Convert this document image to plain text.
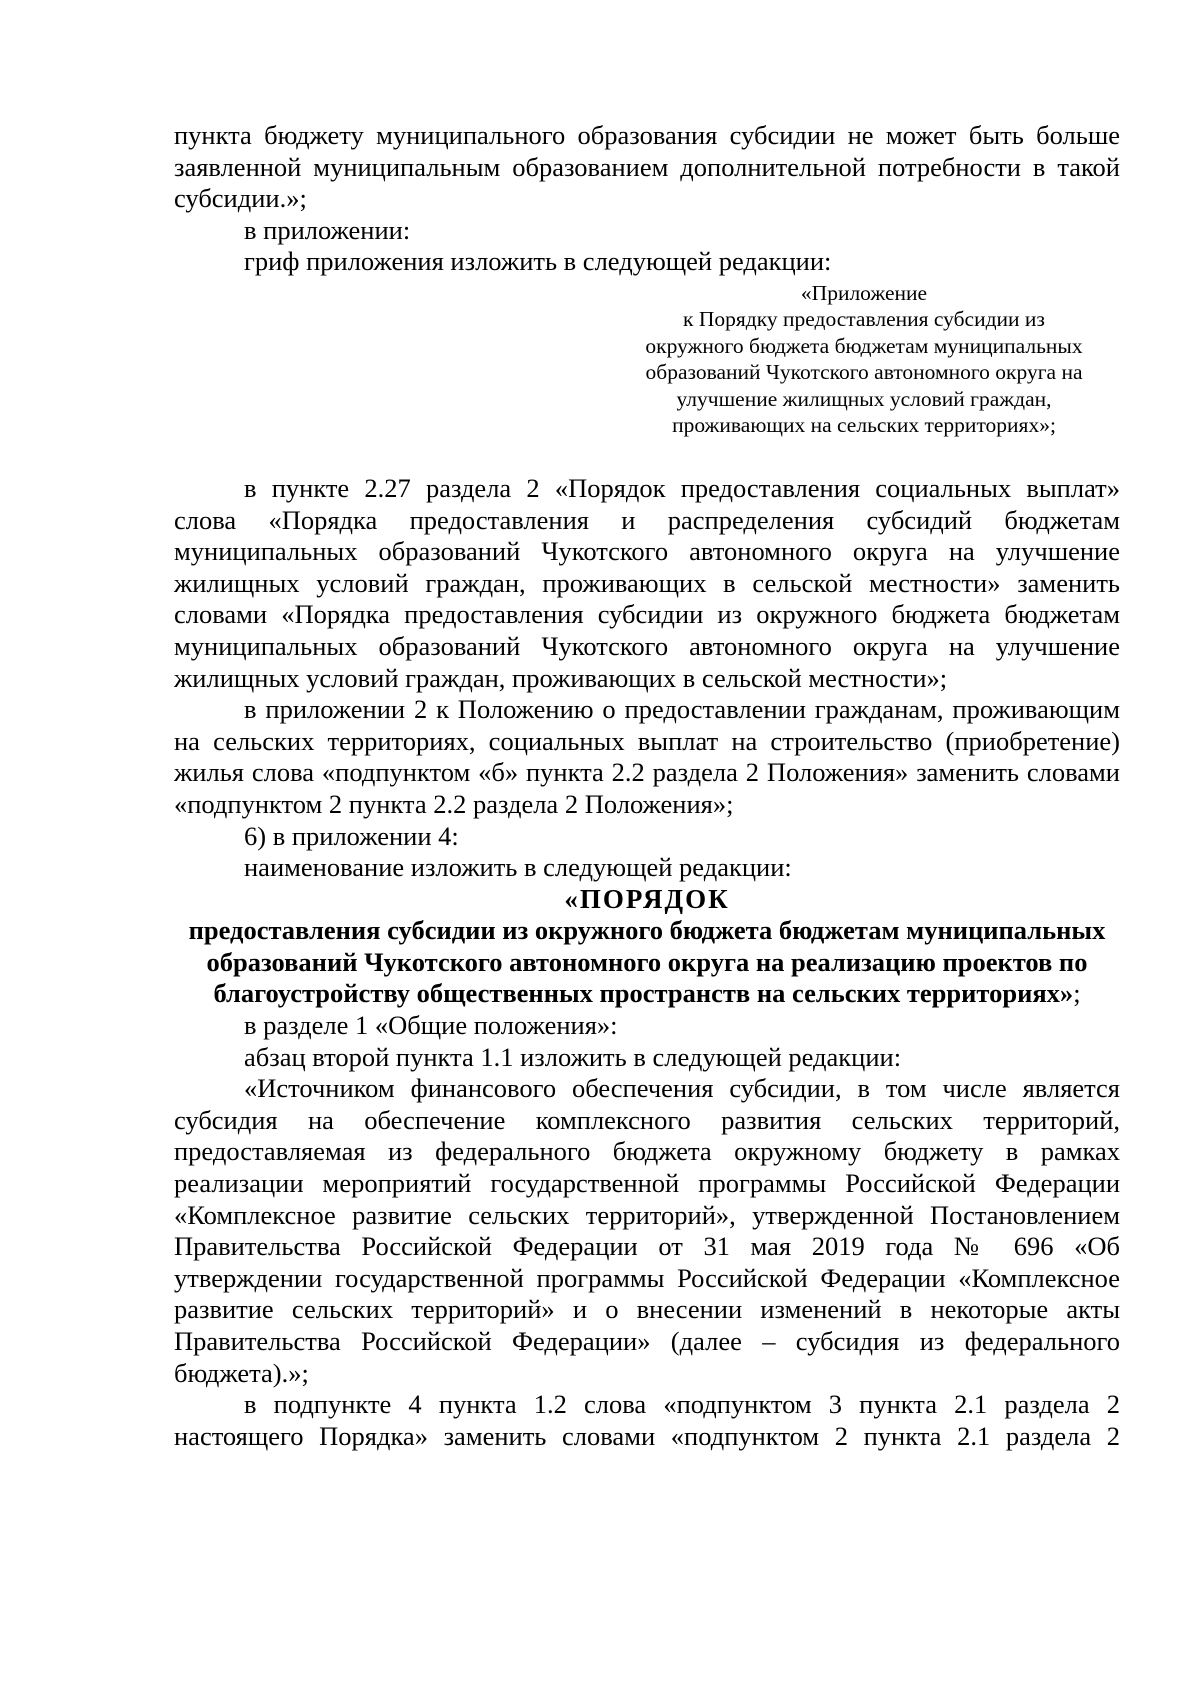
пункта бюджету муниципального образования субсидии не может быть больше заявленной муниципальным образованием дополнительной потребности в такой субсидии.»;

в приложении:

гриф приложения изложить в следующей редакции:

«Приложение
к Порядку предоставления субсидии из
окружного бюджета бюджетам муниципальных
образований Чукотского автономного округа на
улучшение жилищных условий граждан,
проживающих на сельских территориях»;

в пункте 2.27 раздела 2 «Порядок предоставления социальных выплат» слова «Порядка предоставления и распределения субсидий бюджетам муниципальных образований Чукотского автономного округа на улучшение жилищных условий граждан, проживающих в сельской местности» заменить словами «Порядка предоставления субсидии из окружного бюджета бюджетам муниципальных образований Чукотского автономного округа на улучшение жилищных условий граждан, проживающих в сельской местности»;

в приложении 2 к Положению о предоставлении гражданам, проживающим на сельских территориях, социальных выплат на строительство (приобретение) жилья слова «подпунктом «б» пункта 2.2 раздела 2 Положения» заменить словами «подпунктом 2 пункта 2.2 раздела 2 Положения»;

6) в приложении 4:

наименование изложить в следующей редакции:

«ПОРЯДОК

предоставления субсидии из окружного бюджета бюджетам муниципальных образований Чукотского автономного округа на реализацию проектов по благоустройству общественных пространств на сельских территориях»;

в разделе 1 «Общие положения»:

абзац второй пункта 1.1 изложить в следующей редакции:

«Источником финансового обеспечения субсидии, в том числе является субсидия на обеспечение комплексного развития сельских территорий, предоставляемая из федерального бюджета окружному бюджету в рамках реализации мероприятий государственной программы Российской Федерации «Комплексное развитие сельских территорий», утвержденной Постановлением Правительства Российской Федерации от 31 мая 2019 года № 696 «Об утверждении государственной программы Российской Федерации «Комплексное развитие сельских территорий» и о внесении изменений в некоторые акты Правительства Российской Федерации» (далее – субсидия из федерального бюджета).»;

в подпункте 4 пункта 1.2 слова «подпунктом 3 пункта 2.1 раздела 2 настоящего Порядка» заменить словами «подпунктом 2 пункта 2.1 раздела 2
